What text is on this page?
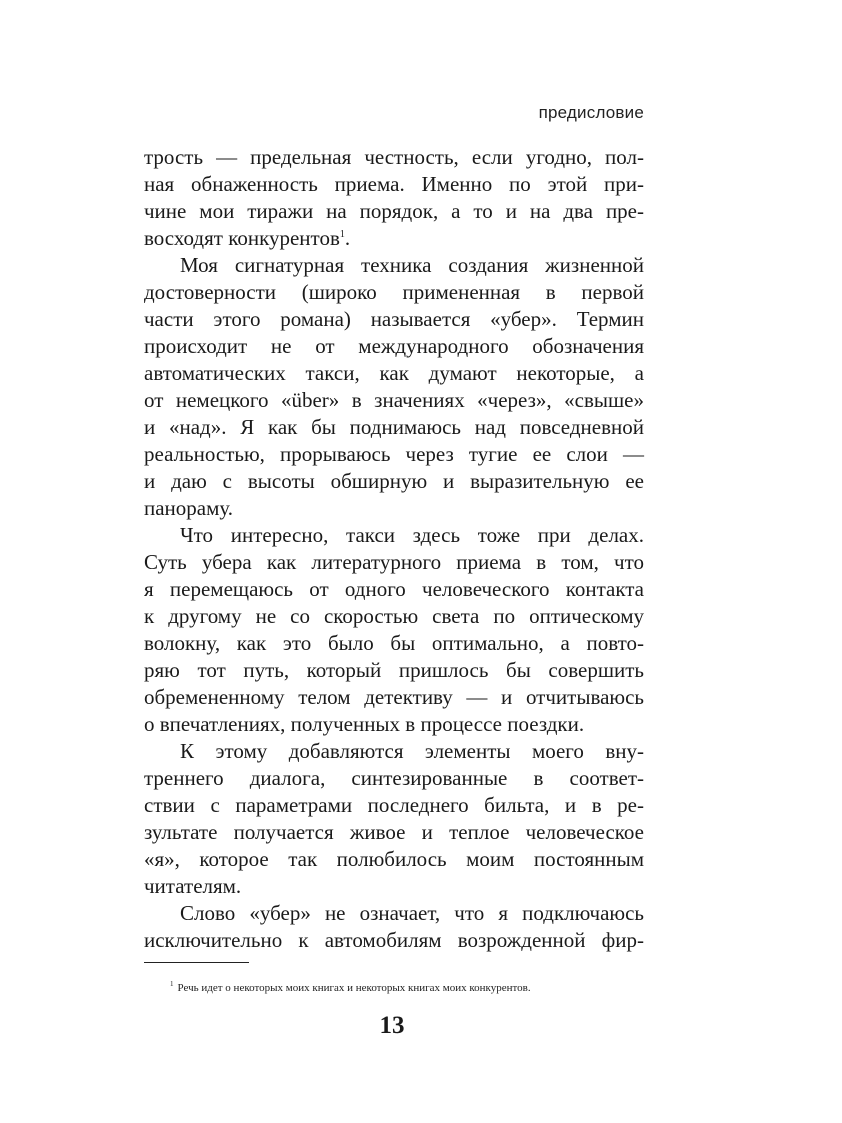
предисловие
трость — предельная честность, если угодно, пол-
ная обнаженность приема. Именно по этой при-
чине мои тиражи на порядок, а то и на два пре-
восходят конкурентов$^1$.
Моя сигнатурная техника создания жизненной
достоверности (широко примененная в первой
части этого романа) называется «убер». Термин
происходит не от международного обозначения
автоматических такси, как думают некоторые, а
от немецкого «über» в значениях «через», «свыше»
и «над». Я как бы поднимаюсь над повседневной
реальностью, прорываюсь через тугие ее слои —
и даю с высоты обширную и выразительную ее
панораму.
Что интересно, такси здесь тоже при делах.
Суть убера как литературного приема в том, что
я перемещаюсь от одного человеческого контакта
к другому не со скоростью света по оптическому
волокну, как это было бы оптимально, а повто-
ряю тот путь, который пришлось бы совершить
обремененному телом детективу — и отчитываюсь
о впечатлениях, полученных в процессе поездки.
К этому добавляются элементы моего вну-
треннего диалога, синтезированные в соответ-
ствии с параметрами последнего бильта, и в ре-
зультате получается живое и теплое человеческое
«я», которое так полюбилось моим постоянным
читателям.
Слово «убер» не означает, что я подключаюсь
исключительно к автомобилям возрожденной фир-
$^1$ Речь идет о некоторых моих книгах и некоторых книгах моих конкурентов.
13
